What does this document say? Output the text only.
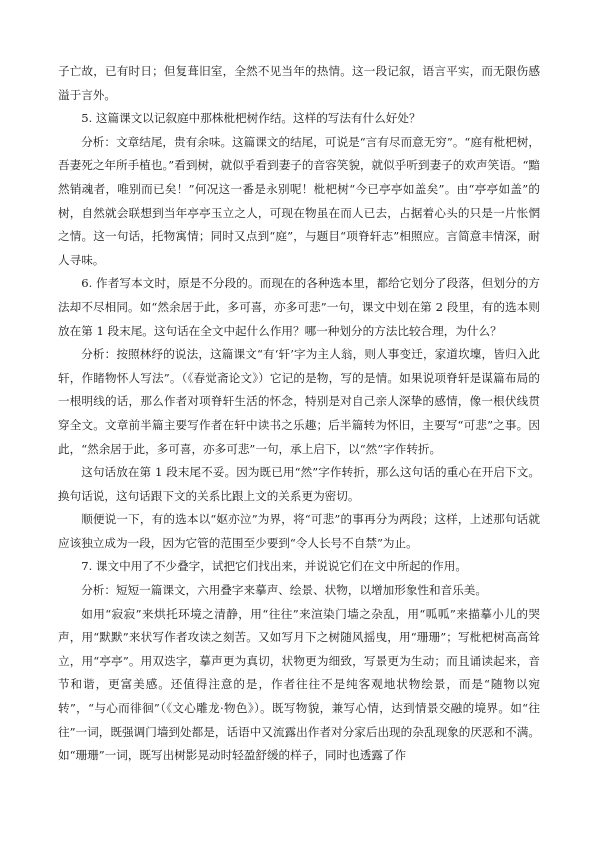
子亡故，已有时日；但复葺旧室，全然不见当年的热情。这一段记叙，语言平实，而无限伤感溢于言外。

5. 这篇课文以记叙庭中那株枇杷树作结。这样的写法有什么好处？

分析：文章结尾，贵有余味。这篇课文的结尾，可说是“言有尽而意无穷”。“庭有枇杷树，吾妻死之年所手植也。”看到树，就似乎看到妻子的音容笑貌，就似乎听到妻子的欢声笑语。“黯然销魂者，唯别而已矣！”何况这一番是永别呢！枇杷树“今已亭亭如盖矣”。由“亭亭如盖”的树，自然就会联想到当年亭亭玉立之人，可现在物虽在而人已去，占据着心头的只是一片怅惘之情。这一句话，托物寓情；同时又点到“庭”，与题目“项脊轩志”相照应。言简意丰情深，耐人寻味。

6. 作者写本文时，原是不分段的。而现在的各种选本里，都给它划分了段落，但划分的方法却不尽相同。如“然余居于此，多可喜，亦多可悲”一句，课文中划在第 2 段里，有的选本则放在第 1 段末尾。这句话在全文中起什么作用？哪一种划分的方法比较合理，为什么？

分析：按照林纾的说法，这篇课文“有‘轩’字为主人翁，则人事变迁，家道坎壈，皆归入此轩，作睹物怀人写法”。（《春觉斋论文》）它记的是物，写的是情。如果说项脊轩是谋篇布局的一根明线的话，那么作者对项脊轩生活的怀念，特别是对自己亲人深挚的感情，像一根伏线贯穿全文。文章前半篇主要写作者在轩中读书之乐趣；后半篇转为怀旧，主要写“可悲”之事。因此，“然余居于此，多可喜，亦多可悲”一句，承上启下，以“然”字作转折。

这句话放在第 1 段末尾不妥。因为既已用“然”字作转折，那么这句话的重心在开启下文。换句话说，这句话跟下文的关系比跟上文的关系更为密切。

顺便说一下，有的选本以“妪亦泣”为界，将“可悲”的事再分为两段；这样，上述那句话就应该独立成为一段，因为它管的范围至少要到“令人长号不自禁”为止。

7. 课文中用了不少叠字，试把它们找出来，并说说它们在文中所起的作用。

分析：短短一篇课文，六用叠字来摹声、绘景、状物，以增加形象性和音乐美。

如用“寂寂”来烘托环境之清静，用“往往”来渲染门墙之杂乱，用“呱呱”来描摹小儿的哭声，用“默默”来状写作者攻读之刻苦。又如写月下之树随风摇曳，用“珊珊”；写枇杷树高高耸立，用“亭亭”。用双迭字，摹声更为真切，状物更为细致，写景更为生动；而且诵读起来，音节和谐，更富美感。还值得注意的是，作者往往不是纯客观地状物绘景，而是“随物以宛转”，“与心而徘徊”（《文心雕龙·物色》）。既写物貌，兼写心情，达到情景交融的境界。如“往往”一词，既强调门墙到处都是，话语中又流露出作者对分家后出现的杂乱现象的厌恶和不满。如“珊珊”一词，既写出树影晃动时轻盈舒缓的样子，同时也透露了作
